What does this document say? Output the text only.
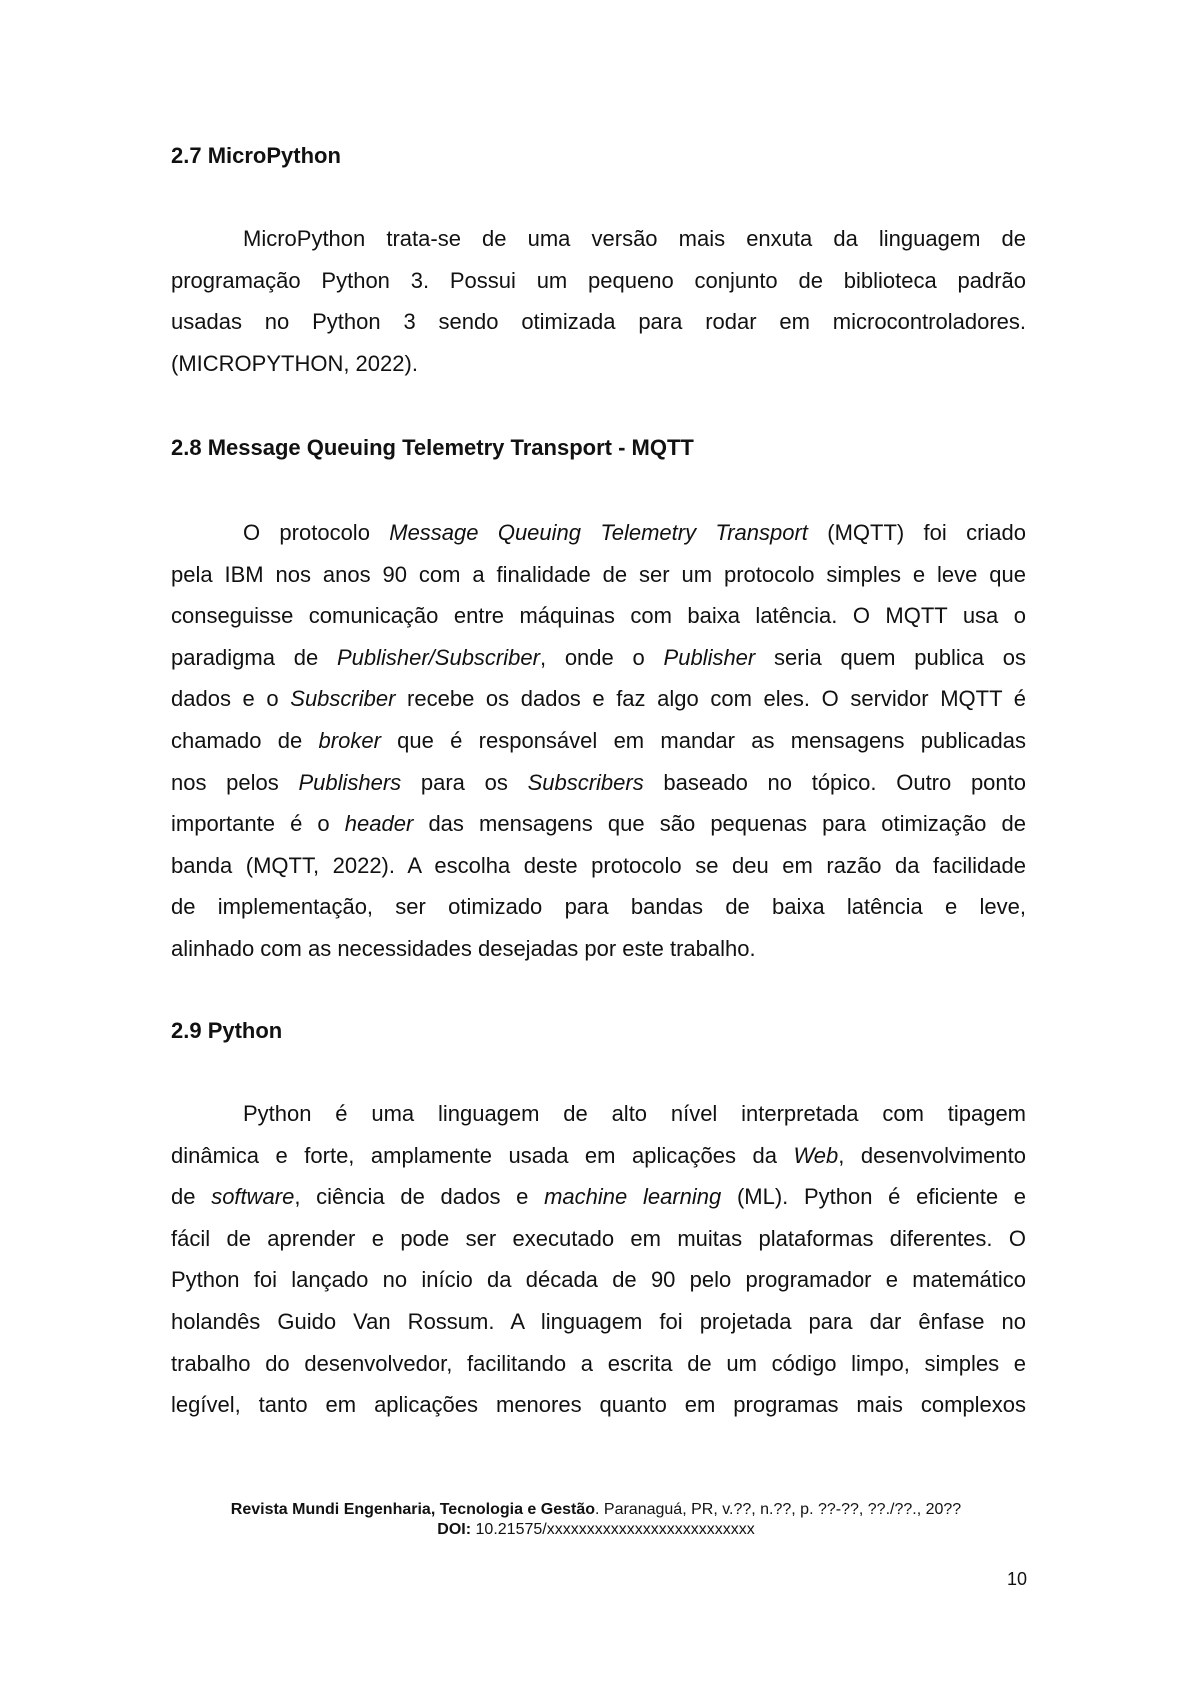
2.7 MicroPython
MicroPython trata-se de uma versão mais enxuta da linguagem de
programação Python 3. Possui um pequeno conjunto de biblioteca padrão
usadas no Python 3 sendo otimizada para rodar em microcontroladores.
(MICROPYTHON, 2022).
2.8 Message Queuing Telemetry Transport - MQTT
O protocolo Message Queuing Telemetry Transport (MQTT) foi criado
pela IBM nos anos 90 com a finalidade de ser um protocolo simples e leve que
conseguisse comunicação entre máquinas com baixa latência. O MQTT usa o
paradigma de Publisher/Subscriber, onde o Publisher seria quem publica os
dados e o Subscriber recebe os dados e faz algo com eles. O servidor MQTT é
chamado de broker que é responsável em mandar as mensagens publicadas
nos pelos Publishers para os Subscribers baseado no tópico. Outro ponto
importante é o header das mensagens que são pequenas para otimização de
banda (MQTT, 2022). A escolha deste protocolo se deu em razão da facilidade
de implementação, ser otimizado para bandas de baixa latência e leve,
alinhado com as necessidades desejadas por este trabalho.
2.9 Python
Python é uma linguagem de alto nível interpretada com tipagem
dinâmica e forte, amplamente usada em aplicações da Web, desenvolvimento
de software, ciência de dados e machine learning (ML). Python é eficiente e
fácil de aprender e pode ser executado em muitas plataformas diferentes. O
Python foi lançado no início da década de 90 pelo programador e matemático
holandês Guido Van Rossum. A linguagem foi projetada para dar ênfase no
trabalho do desenvolvedor, facilitando a escrita de um código limpo, simples e
legível, tanto em aplicações menores quanto em programas mais complexos
Revista Mundi Engenharia, Tecnologia e Gestão. Paranaguá, PR, v.??, n.??, p. ??-??, ??./??., 20??
DOI: 10.21575/xxxxxxxxxxxxxxxxxxxxxxxxxx
10
